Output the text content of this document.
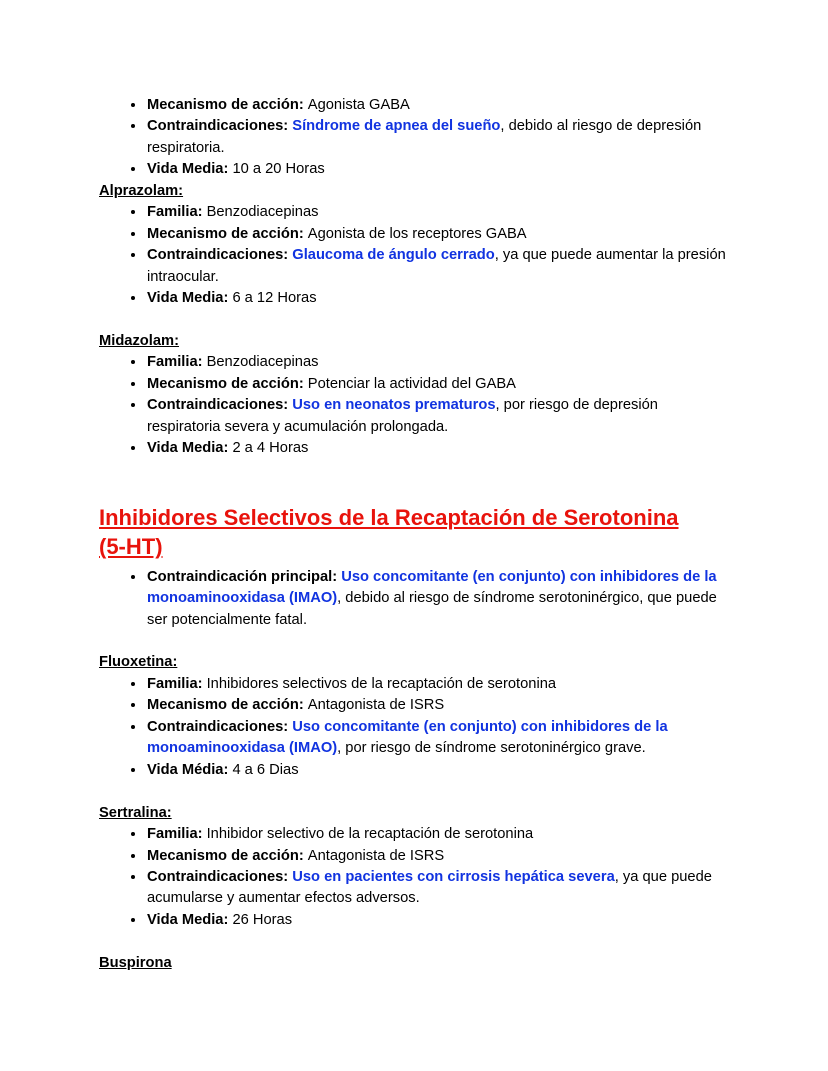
• Mecanismo de acción: Agonista GABA
• Contraindicaciones: Síndrome de apnea del sueño, debido al riesgo de depresión respiratoria.
• Vida Media: 10 a 20 Horas
Alprazolam:
• Familia: Benzodiacepinas
• Mecanismo de acción: Agonista de los receptores GABA
• Contraindicaciones: Glaucoma de ángulo cerrado, ya que puede aumentar la presión intraocular.
• Vida Media: 6 a 12 Horas
Midazolam:
• Familia: Benzodiacepinas
• Mecanismo de acción: Potenciar la actividad del GABA
• Contraindicaciones: Uso en neonatos prematuros, por riesgo de depresión respiratoria severa y acumulación prolongada.
• Vida Media: 2 a 4 Horas
Inhibidores Selectivos de la Recaptación de Serotonina
(5-HT)
• Contraindicación principal: Uso concomitante (en conjunto) con inhibidores de la monoaminooxidasa (IMAO), debido al riesgo de síndrome serotoninérgico, que puede ser potencialmente fatal.
Fluoxetina:
• Familia: Inhibidores selectivos de la recaptación de serotonina
• Mecanismo de acción: Antagonista de ISRS
• Contraindicaciones: Uso concomitante (en conjunto) con inhibidores de la monoaminooxidasa (IMAO), por riesgo de síndrome serotoninérgico grave.
• Vida Média: 4 a 6 Dias
Sertralina:
• Familia: Inhibidor selectivo de la recaptación de serotonina
• Mecanismo de acción: Antagonista de ISRS
• Contraindicaciones: Uso en pacientes con cirrosis hepática severa, ya que puede acumularse y aumentar efectos adversos.
• Vida Media: 26 Horas
Buspirona
